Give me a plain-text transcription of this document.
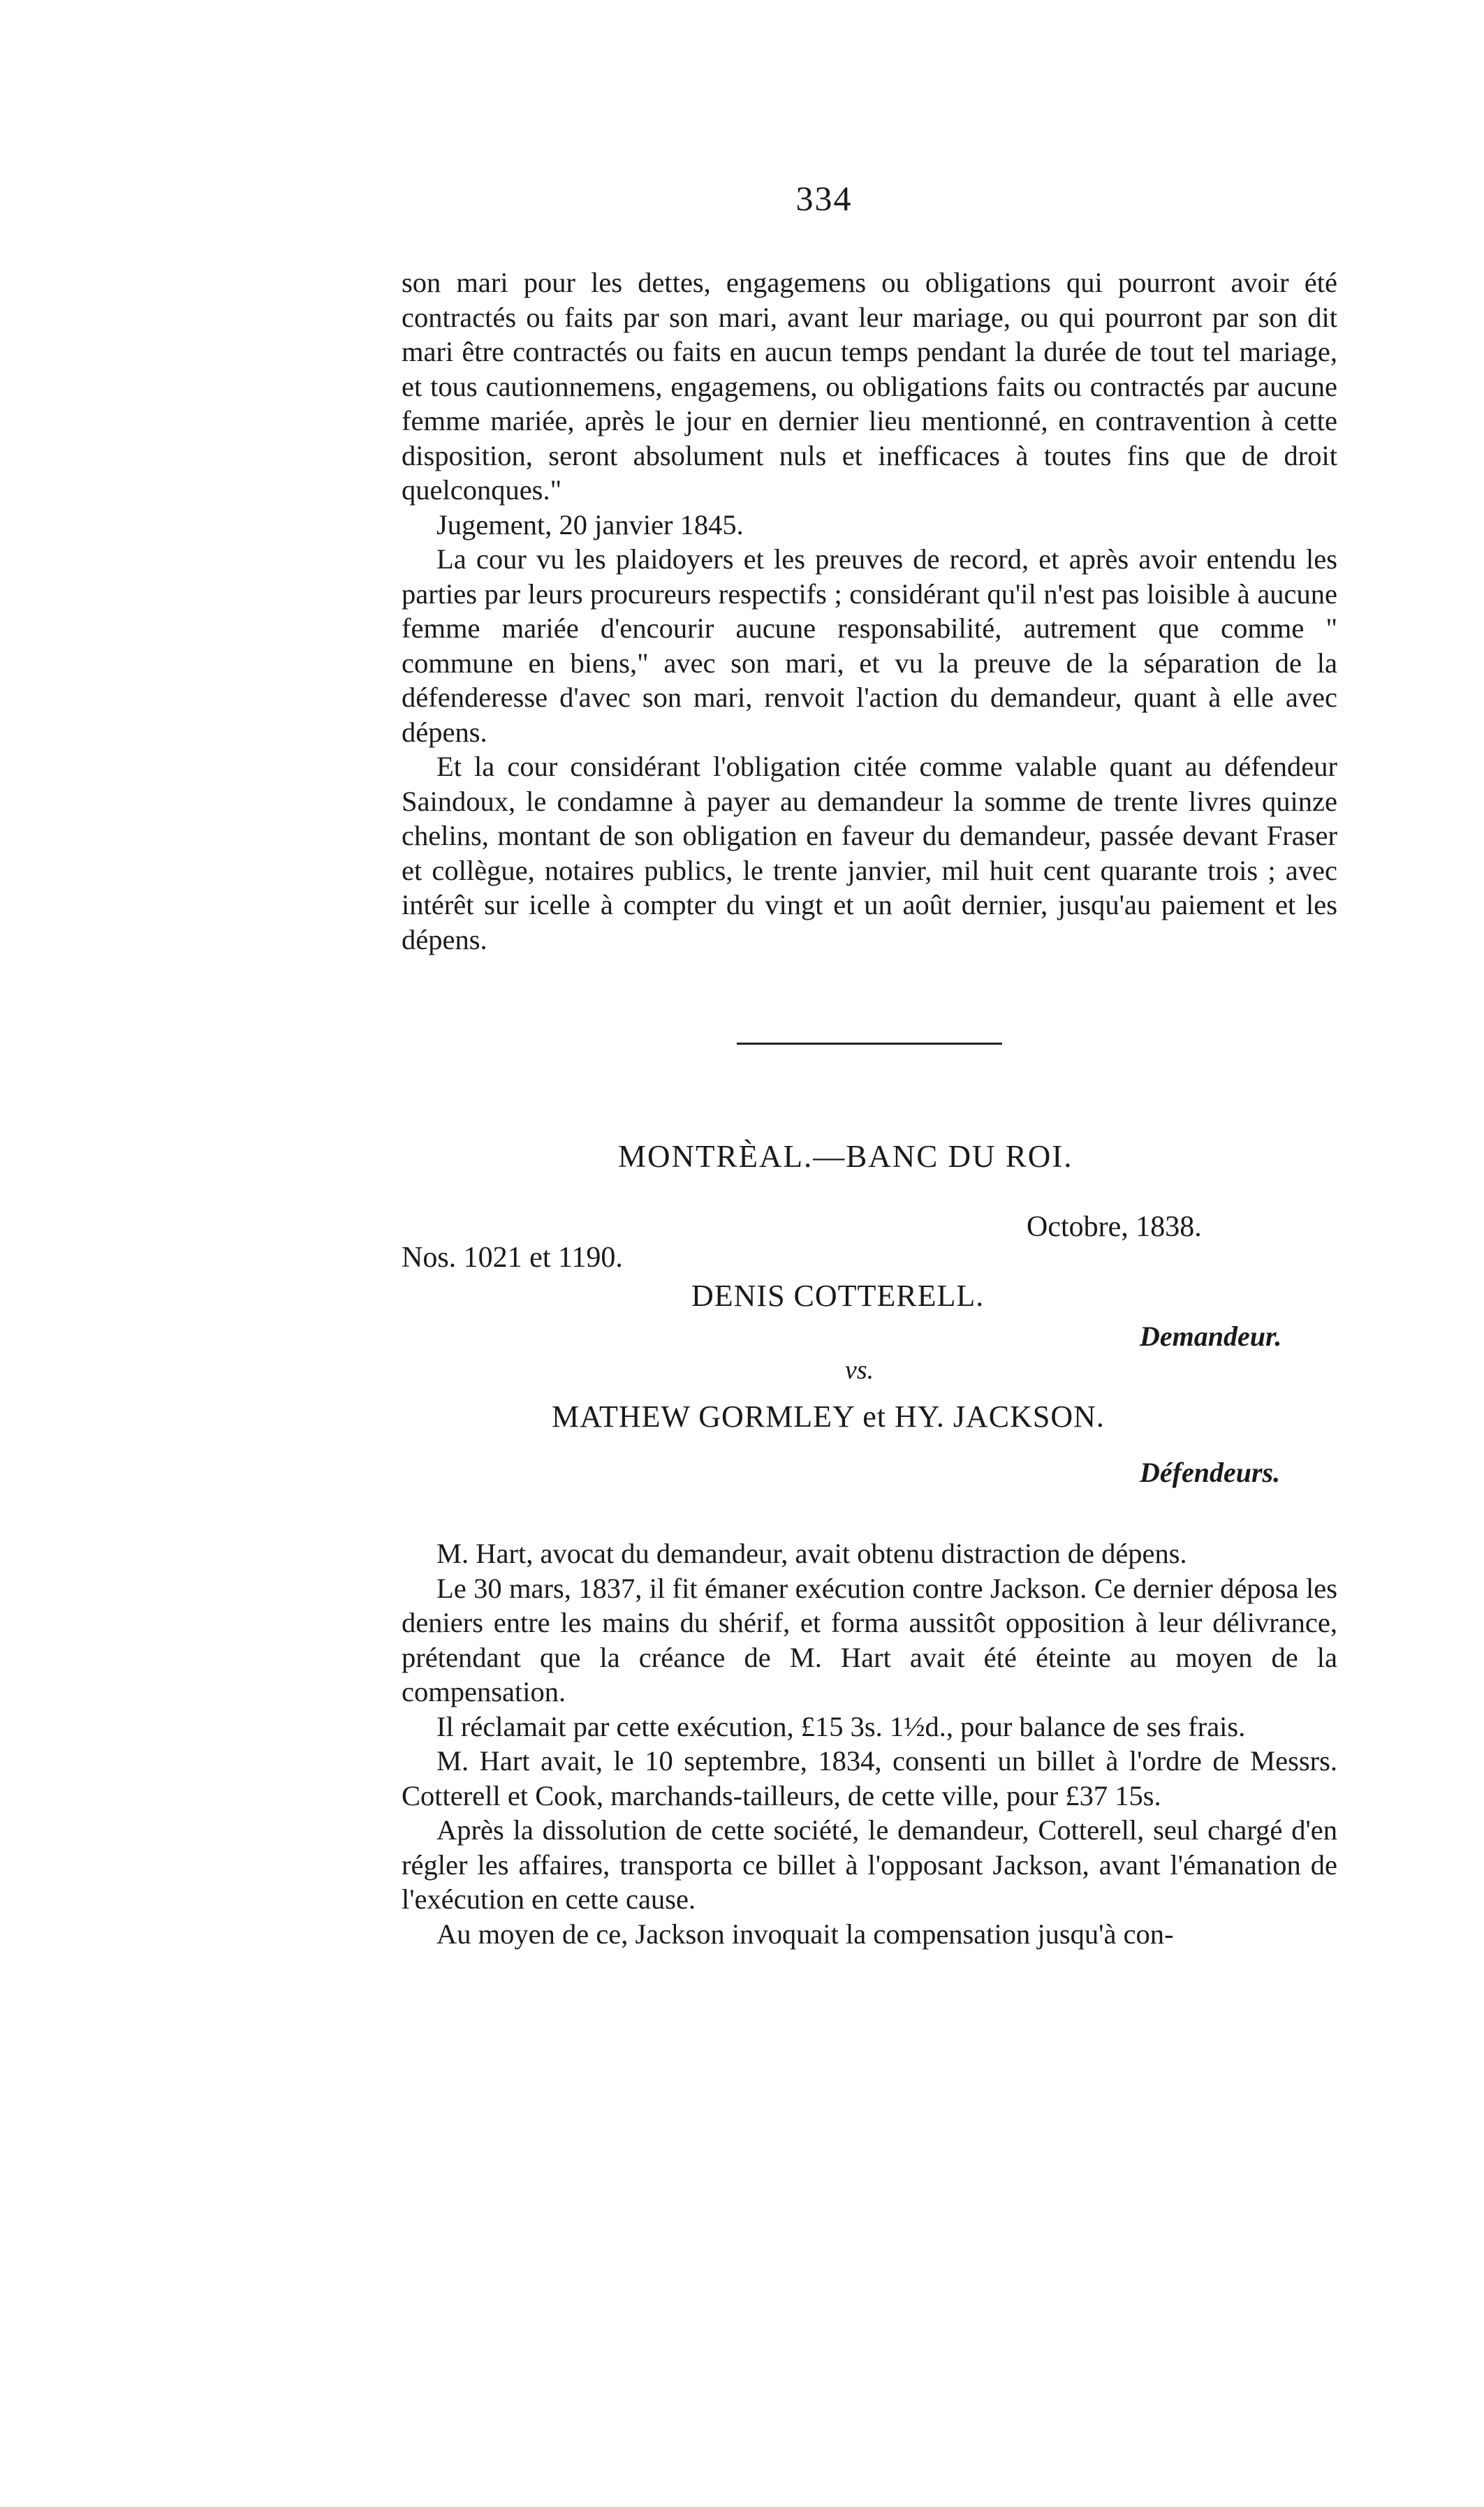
334

son mari pour les dettes, engagemens ou obligations qui pourront avoir été contractés ou faits par son mari, avant leur mariage, ou qui pourront par son dit mari être contractés ou faits en aucun temps pendant la durée de tout tel mariage, et tous cautionnemens, engagemens, ou obligations faits ou contractés par aucune femme mariée, après le jour en dernier lieu mentionné, en contravention à cette disposition, seront absolument nuls et inefficaces à toutes fins que de droit quelconques."

Jugement, 20 janvier 1845.

La cour vu les plaidoyers et les preuves de record, et après avoir entendu les parties par leurs procureurs respectifs ; considérant qu'il n'est pas loisible à aucune femme mariée d'encourir aucune responsabilité, autrement que comme " commune en biens," avec son mari, et vu la preuve de la séparation de la défenderesse d'avec son mari, renvoit l'action du demandeur, quant à elle avec dépens.

Et la cour considérant l'obligation citée comme valable quant au défendeur Saindoux, le condamne à payer au demandeur la somme de trente livres quinze chelins, montant de son obligation en faveur du demandeur, passée devant Fraser et collègue, notaires publics, le trente janvier, mil huit cent quarante trois ; avec intérêt sur icelle à compter du vingt et un août dernier, jusqu'au paiement et les dépens.

MONTRÈAL.—BANC DU ROI.
Octobre, 1838.
Nos. 1021 et 1190.
DENIS COTTERELL.
Demandeur.
vs.
MATHEW GORMLEY et HY. JACKSON.
Défendeurs.

M. Hart, avocat du demandeur, avait obtenu distraction de dépens.

Le 30 mars, 1837, il fit émaner exécution contre Jackson. Ce dernier déposa les deniers entre les mains du shérif, et forma aussitôt opposition à leur délivrance, prétendant que la créance de M. Hart avait été éteinte au moyen de la compensation.

Il réclamait par cette exécution, £15 3s. 1½d., pour balance de ses frais.

M. Hart avait, le 10 septembre, 1834, consenti un billet à l'ordre de Messrs. Cotterell et Cook, marchands-tailleurs, de cette ville, pour £37 15s.

Après la dissolution de cette société, le demandeur, Cotterell, seul chargé d'en régler les affaires, transporta ce billet à l'opposant Jackson, avant l'émanation de l'exécution en cette cause.

Au moyen de ce, Jackson invoquait la compensation jusqu'à con-
